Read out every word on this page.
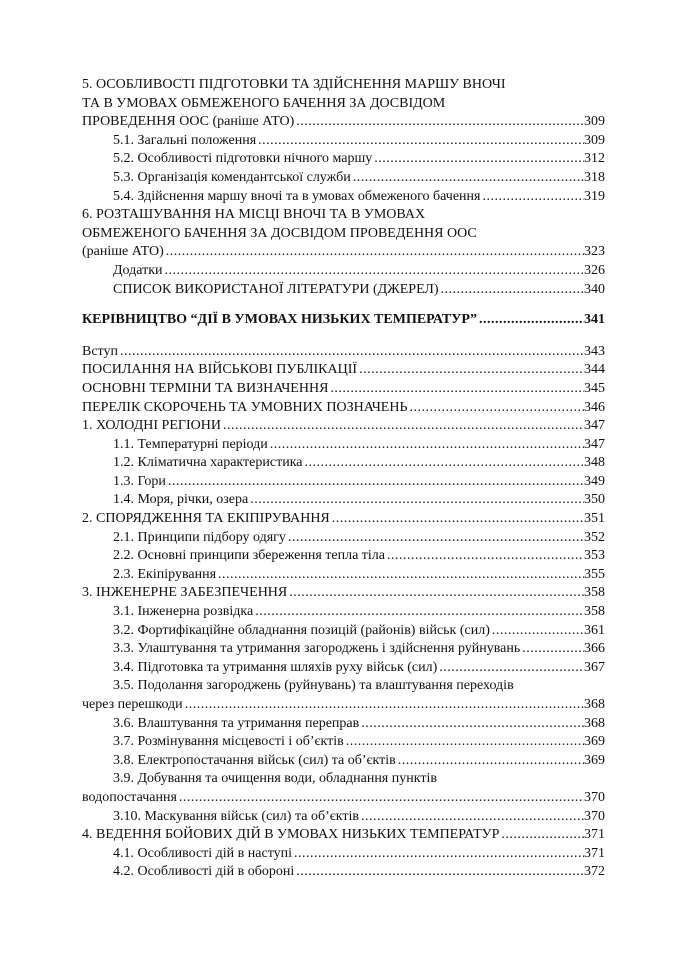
5. ОСОБЛИВОСТІ ПІДГОТОВКИ ТА ЗДІЙСНЕННЯ МАРШУ ВНОЧІ
ТА В УМОВАХ ОБМЕЖЕНОГО БАЧЕННЯ ЗА ДОСВІДОМ
ПРОВЕДЕННЯ ООС (раніше АТО) .....	309
5.1. Загальні положення .....	309
5.2. Особливості підготовки нічного маршу .....	312
5.3. Організація комендантської служби .....	318
5.4. Здійснення маршу вночі та в умовах обмеженого бачення .....	319
6. РОЗТАШУВАННЯ НА МІСЦІ ВНОЧІ ТА В УМОВАХ
ОБМЕЖЕНОГО БАЧЕННЯ ЗА ДОСВІДОМ ПРОВЕДЕННЯ ООС
(раніше АТО) .....	323
Додатки .....	326
СПИСОК ВИКОРИСТАНОЇ ЛІТЕРАТУРИ (ДЖЕРЕЛ) .....	340
КЕРІВНИЦТВО “ДІЇ В УМОВАХ НИЗЬКИХ ТЕМПЕРАТУР” .....	341
Вступ .....	343
ПОСИЛАННЯ НА ВІЙСЬКОВІ ПУБЛІКАЦІЇ .....	344
ОСНОВНІ ТЕРМІНИ ТА ВИЗНАЧЕННЯ .....	345
ПЕРЕЛІК СКОРОЧЕНЬ ТА УМОВНИХ ПОЗНАЧЕНЬ .....	346
1. ХОЛОДНІ РЕГІОНИ .....	347
1.1. Температурні періоди .....	347
1.2. Кліматична характеристика .....	348
1.3. Гори .....	349
1.4. Моря, річки, озера .....	350
2. СПОРЯДЖЕННЯ ТА ЕКІПІРУВАННЯ .....	351
2.1. Принципи підбору одягу .....	352
2.2. Основні принципи збереження тепла тіла .....	353
2.3. Екіпірування .....	355
3. ІНЖЕНЕРНЕ ЗАБЕЗПЕЧЕННЯ .....	358
3.1. Інженерна розвідка .....	358
3.2. Фортифікаційне обладнання позицій (районів) військ (сил) .....	361
3.3. Улаштування та утримання загороджень і здійснення руйнувань .....	366
3.4. Підготовка та утримання шляхів руху військ (сил) .....	367
3.5. Подолання загороджень (руйнувань) та влаштування переходів
через перешкоди .....	368
3.6. Влаштування та утримання переправ .....	368
3.7. Розмінування місцевості і об’єктів .....	369
3.8. Електропостачання військ (сил) та об’єктів .....	369
3.9. Добування та очищення води, обладнання пунктів
водопостачання .....	370
3.10. Маскування військ (сил) та об’єктів .....	370
4. ВЕДЕННЯ БОЙОВИХ ДІЙ В УМОВАХ НИЗЬКИХ ТЕМПЕРАТУР .....	371
4.1. Особливості дій в наступі .....	371
4.2. Особливості дій в обороні .....	372
